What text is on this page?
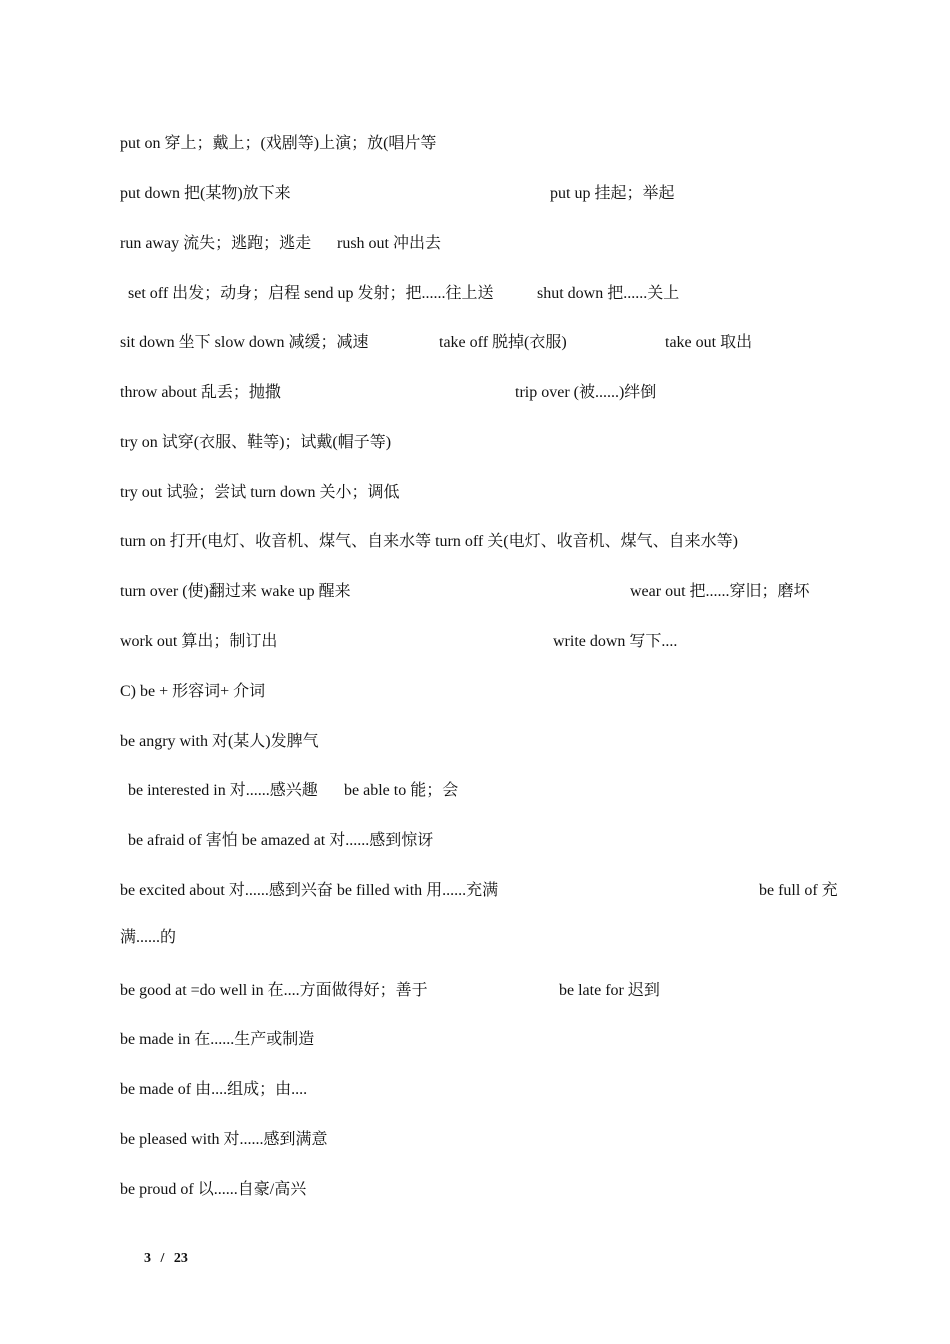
put on 穿上；戴上；(戏剧等)上演；放(唱片等
put down 把(某物)放下来	put up 挂起；举起
run away 流失；逃跑；逃走 rush out 冲出去
set off 出发；动身；启程 send up 发射；把......往上送	shut down 把......关上
sit down 坐下 slow down 减缓；减速	take off 脱掉(衣服)	take out 取出
throw about 乱丢；抛撒	trip over (被......)绊倒
try on 试穿(衣服、鞋等)；试戴(帽子等)
try out 试验；尝试 turn down 关小；调低
turn on 打开(电灯、收音机、煤气、自来水等 turn off 关(电灯、收音机、煤气、自来水等)
turn over (使)翻过来 wake up 醒来	wear out 把......穿旧；磨坏
work out 算出；制订出	write down 写下....
C) be + 形容词+ 介词
be angry with 对(某人)发脾气
be interested in 对......感兴趣 be able to 能；会
be afraid of 害怕 be amazed at 对......感到惊讶
be excited about 对......感到兴奋 be filled with 用......充满	be full of 充
满......的
be good at =do well in 在....方面做得好；善于	be late for 迟到
be made in 在......生产或制造
be made of 由....组成；由....
be pleased with 对......感到满意
be proud of 以......自豪/高兴
3 / 23
